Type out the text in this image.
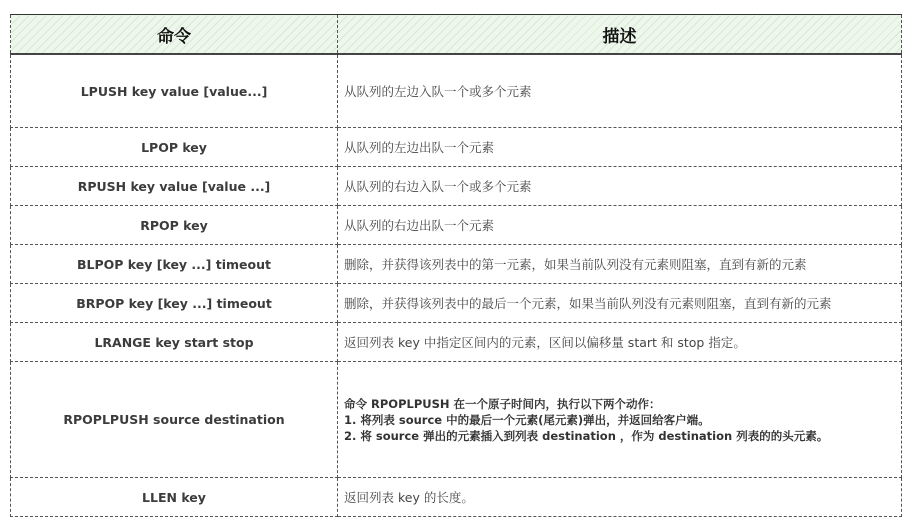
命令	描述
LPUSH key value [value...]	从队列的左边入队一个或多个元素
LPOP key	从队列的左边出队一个元素
RPUSH key value [value ...]	从队列的右边入队一个或多个元素
RPOP key	从队列的右边出队一个元素
BLPOP key [key ...] timeout	删除，并获得该列表中的第一元素，如果当前队列没有元素则阻塞，直到有新的元素
BRPOP key [key ...] timeout	删除，并获得该列表中的最后一个元素，如果当前队列没有元素则阻塞，直到有新的元素
LRANGE key start stop	返回列表 key 中指定区间内的元素，区间以偏移量 start 和 stop 指定。
RPOPLPUSH source destination	命令 RPOPLPUSH 在一个原子时间内，执行以下两个动作：
1. 将列表 source 中的最后一个元素(尾元素)弹出，并返回给客户端。
2. 将 source 弹出的元素插入到列表 destination ，作为 destination 列表的的头元素。

LLEN key	返回列表 key 的长度。
